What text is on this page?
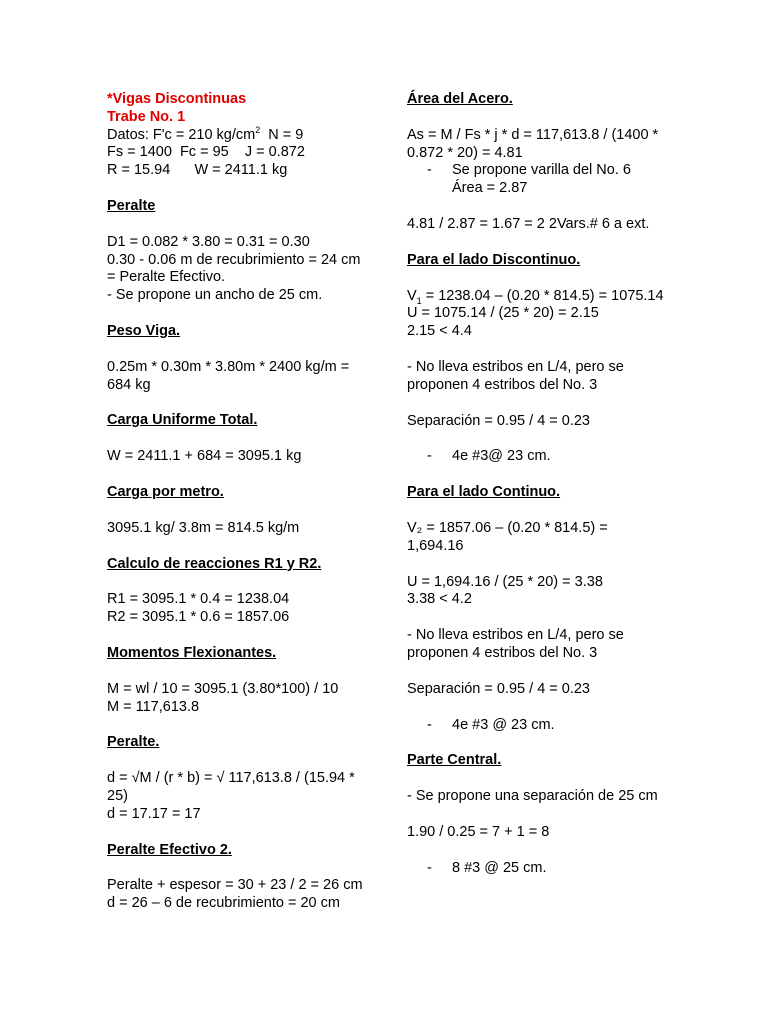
*Vigas Discontinuas

Trabe No. 1

Datos: F'c = 210 $kg/cm^2$  N = 9

Fs = 1400  Fc = 95    J = 0.872

R = 15.94      W = 2411.1 kg

Peralte

D1 = 0.082 * 3.80 = 0.31 = 0.30

0.30 - 0.06 m de recubrimiento = 24 cm = Peralte Efectivo.

- Se propone un ancho de 25 cm.

Peso Viga.

0.25m * 0.30m * 3.80m * 2400 kg/m = 684 kg

Carga Uniforme Total.

W = 2411.1 + 684 = 3095.1 kg

Carga por metro.

3095.1 kg/ 3.8m = 814.5 kg/m

Calculo de reacciones R1 y R2.

R1 = 3095.1 * 0.4 = 1238.04

R2 = 3095.1 * 0.6 = 1857.06

Momentos Flexionantes.

M = wl / 10 = 3095.1 (3.80*100) / 10

M = 117,613.8

Peralte.

d = √M / (r * b) = √ 117,613.8 / (15.94 * 25)

d = 17.17 = 17

Peralte Efectivo 2.

Peralte + espesor = 30 + 23 / 2 = 26 cm

d = 26 – 6 de recubrimiento = 20 cm

Área del Acero.

As = M / Fs * j * d = 117,613.8 / (1400 * 0.872 * 20) = 4.81

- Se propone varilla del No. 6 Área = 2.87

4.81 / 2.87 = 1.67 = 2 2Vars.# 6 a ext.

Para el lado Discontinuo.

$V_1 = 1238.04 - (0.20 * 814.5) = 1075.14$

U = 1075.14 / (25 * 20) = 2.15

2.15 < 4.4

- No lleva estribos en L/4, pero se proponen 4 estribos del No. 3

Separación = 0.95 / 4 = 0.23

- 4e #3@ 23 cm.

Para el lado Continuo.

V₂ = 1857.06 – (0.20 * 814.5) = 1,694.16

U = 1,694.16 / (25 * 20) = 3.38

3.38 < 4.2

- No lleva estribos en L/4, pero se proponen 4 estribos del No. 3

Separación = 0.95 / 4 = 0.23

- 4e #3 @ 23 cm.

Parte Central.

- Se propone una separación de 25 cm

1.90 / 0.25 = 7 + 1 = 8

- 8 #3 @ 25 cm.
